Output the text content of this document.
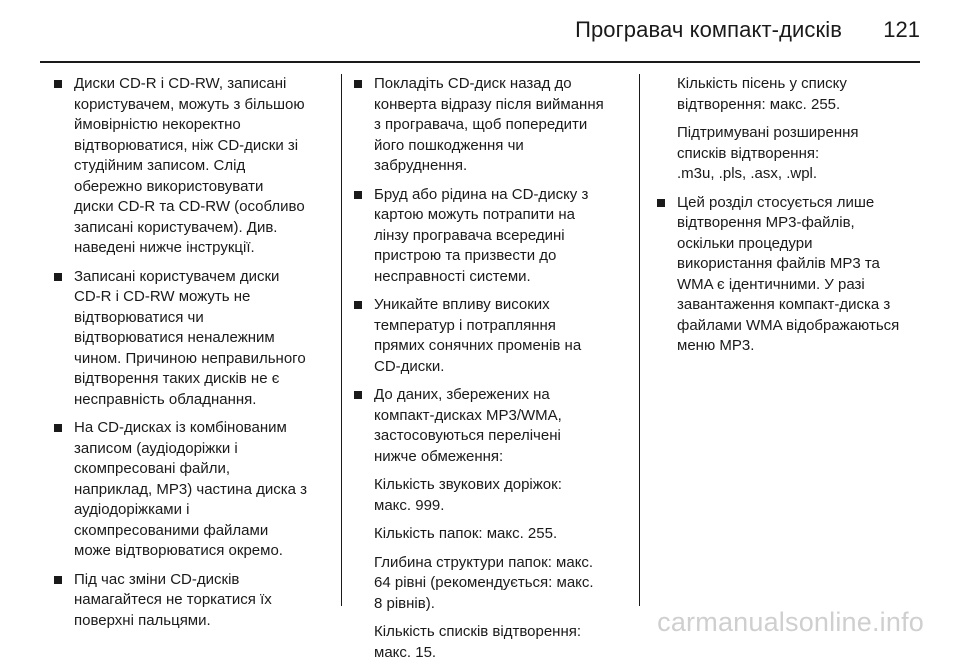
Програвач компакт-дисків 121
Диски CD-R і CD-RW, записані
користувачем, можуть з більшою
ймовірністю некоректно
відтворюватися, ніж CD-диски зі
студійним записом. Слід
обережно використовувати
диски CD-R та CD-RW (особливо
записані користувачем). Див.
наведені нижче інструкції.
Записані користувачем диски
CD-R і CD-RW можуть не
відтворюватися чи
відтворюватися неналежним
чином. Причиною неправильного
відтворення таких дисків не є
несправність обладнання.
На CD-дисках із комбінованим
записом (аудіодоріжки і
скомпресовані файли,
наприклад, MP3) частина диска з
аудіодоріжками і
скомпресованими файлами
може відтворюватися окремо.
Під час зміни CD-дисків
намагайтеся не торкатися їх
поверхні пальцями.
Покладіть CD-диск назад до
конверта відразу після виймання
з програвача, щоб попередити
його пошкодження чи
забруднення.
Бруд або рідина на CD-диску з
картою можуть потрапити на
лінзу програвача всередині
пристрою та призвести до
несправності системи.
Уникайте впливу високих
температур і потрапляння
прямих сонячних променів на
CD-диски.
До даних, збережених на
компакт-дисках MP3/WMA,
застосовуються перелічені
нижче обмеження:
Кількість звукових доріжок:
макс. 999.
Кількість папок: макс. 255.
Глибина структури папок: макс.
64 рівні (рекомендується: макс.
8 рівнів).
Кількість списків відтворення:
макс. 15.
Кількість пісень у списку
відтворення: макс. 255.
Підтримувані розширення
списків відтворення:
.m3u, .pls, .asx, .wpl.
Цей розділ стосується лише
відтворення MP3-файлів,
оскільки процедури
використання файлів MP3 та
WMA є ідентичними. У разі
завантаження компакт-диска з
файлами WMA відображаються
меню MP3.
carmanualsonline.info
